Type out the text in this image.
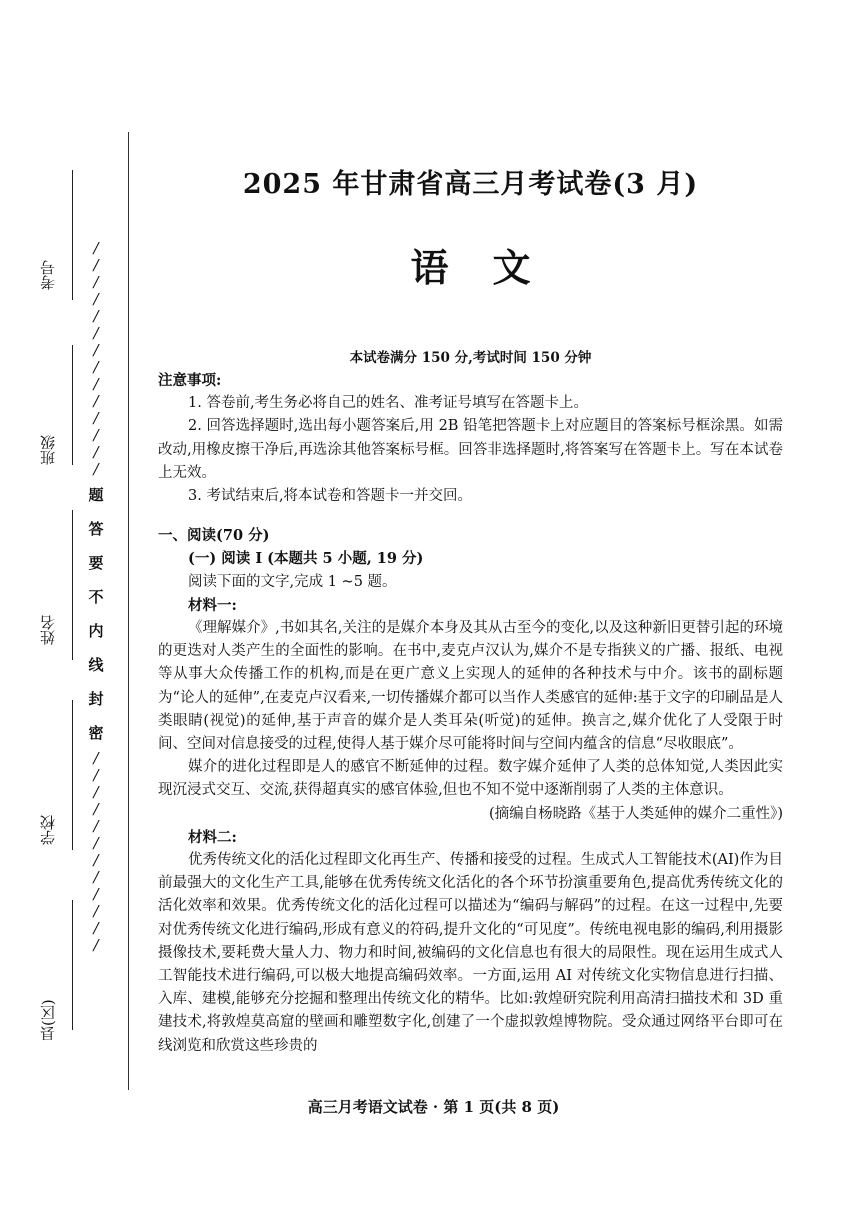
考号
班级
姓名
学校
县(区)
/
/
/
/
/
/
/
/
/
/
/
/
/
/
题
答
要
不
内
线
封
密
/
/
/
/
/
/
/
/
/
/
/
/
2025 年甘肃省高三月考试卷(3 月)
语文
本试卷满分 150 分,考试时间 150 分钟

注意事项:

1. 答卷前,考生务必将自己的姓名、准考证号填写在答题卡上。

2. 回答选择题时,选出每小题答案后,用 2B 铅笔把答题卡上对应题目的答案标号框涂黑。如需改动,用橡皮擦干净后,再选涂其他答案标号框。回答非选择题时,将答案写在答题卡上。写在本试卷上无效。

3. 考试结束后,将本试卷和答题卡一并交回。

一、阅读(70 分)

(一) 阅读 I (本题共 5 小题, 19 分)

阅读下面的文字,完成 1 ~5 题。

材料一:

《理解媒介》,书如其名,关注的是媒介本身及其从古至今的变化,以及这种新旧更替引起的环境的更迭对人类产生的全面性的影响。在书中,麦克卢汉认为,媒介不是专指狭义的广播、报纸、电视等从事大众传播工作的机构,而是在更广意义上实现人的延伸的各种技术与中介。该书的副标题为“论人的延伸”,在麦克卢汉看来,一切传播媒介都可以当作人类感官的延伸:基于文字的印刷品是人类眼睛(视觉)的延伸,基于声音的媒介是人类耳朵(听觉)的延伸。换言之,媒介优化了人受限于时间、空间对信息接受的过程,使得人基于媒介尽可能将时间与空间内蕴含的信息“尽收眼底”。

媒介的进化过程即是人的感官不断延伸的过程。数字媒介延伸了人类的总体知觉,人类因此实现沉浸式交互、交流,获得超真实的感官体验,但也不知不觉中逐渐削弱了人类的主体意识。

(摘编自杨晓路《基于人类延伸的媒介二重性》)

材料二:

优秀传统文化的活化过程即文化再生产、传播和接受的过程。生成式人工智能技术(AI)作为目前最强大的文化生产工具,能够在优秀传统文化活化的各个环节扮演重要角色,提高优秀传统文化的活化效率和效果。优秀传统文化的活化过程可以描述为“编码与解码”的过程。在这一过程中,先要对优秀传统文化进行编码,形成有意义的符码,提升文化的“可见度”。传统电视电影的编码,利用摄影摄像技术,要耗费大量人力、物力和时间,被编码的文化信息也有很大的局限性。现在运用生成式人工智能技术进行编码,可以极大地提高编码效率。一方面,运用 AI 对传统文化实物信息进行扫描、入库、建模,能够充分挖掘和整理出传统文化的精华。比如:敦煌研究院利用高清扫描技术和 3D 重建技术,将敦煌莫高窟的壁画和雕塑数字化,创建了一个虚拟敦煌博物院。受众通过网络平台即可在线浏览和欣赏这些珍贵的

高三月考语文试卷 · 第 1 页(共 8 页)
